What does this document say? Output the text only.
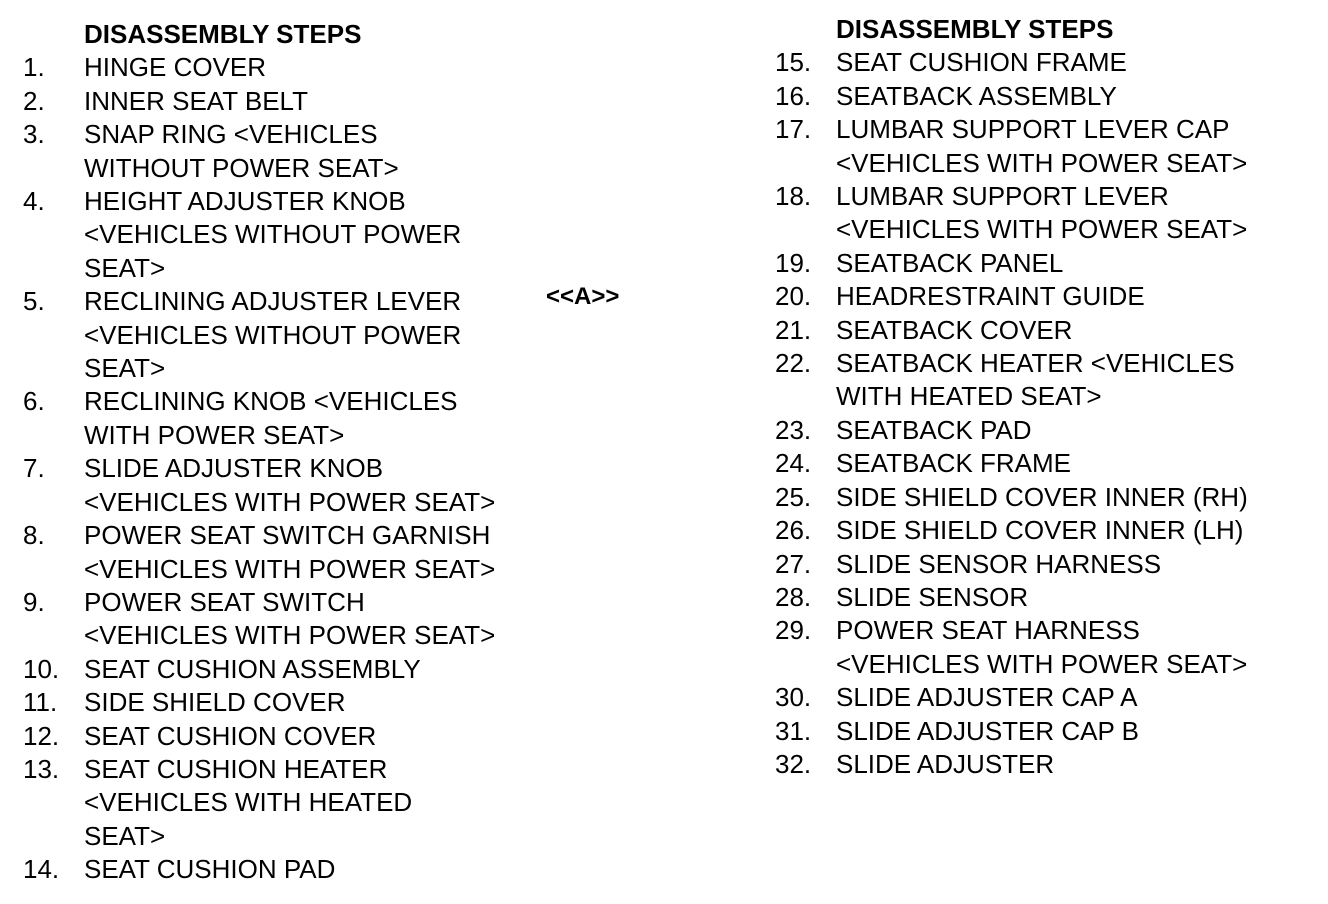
DISASSEMBLY STEPS
1.	HINGE COVER
2.	INNER SEAT BELT
3.	SNAP RING <VEHICLES
WITHOUT POWER SEAT>
4.	HEIGHT ADJUSTER KNOB
<VEHICLES WITHOUT POWER
SEAT>
5.	RECLINING ADJUSTER LEVER
<VEHICLES WITHOUT POWER
SEAT>
6.	RECLINING KNOB <VEHICLES
WITH POWER SEAT>
7.	SLIDE ADJUSTER KNOB
<VEHICLES WITH POWER SEAT>
8.	POWER SEAT SWITCH GARNISH
<VEHICLES WITH POWER SEAT>
9.	POWER SEAT SWITCH
<VEHICLES WITH POWER SEAT>
10. SEAT CUSHION ASSEMBLY
11.	SIDE SHIELD COVER
12. SEAT CUSHION COVER
13. SEAT CUSHION HEATER
<VEHICLES WITH HEATED
SEAT>
14. SEAT CUSHION PAD
<<A>>
DISASSEMBLY STEPS
15. SEAT CUSHION FRAME
16. SEATBACK ASSEMBLY
17. LUMBAR SUPPORT LEVER CAP
<VEHICLES WITH POWER SEAT>
18. LUMBAR SUPPORT LEVER
<VEHICLES WITH POWER SEAT>
19. SEATBACK PANEL
20. HEADRESTRAINT GUIDE
21. SEATBACK COVER
22. SEATBACK HEATER <VEHICLES
WITH HEATED SEAT>
23. SEATBACK PAD
24. SEATBACK FRAME
25. SIDE SHIELD COVER INNER (RH)
26. SIDE SHIELD COVER INNER (LH)
27. SLIDE SENSOR HARNESS
28. SLIDE SENSOR
29. POWER SEAT HARNESS
<VEHICLES WITH POWER SEAT>
30. SLIDE ADJUSTER CAP A
31. SLIDE ADJUSTER CAP B
32. SLIDE ADJUSTER
